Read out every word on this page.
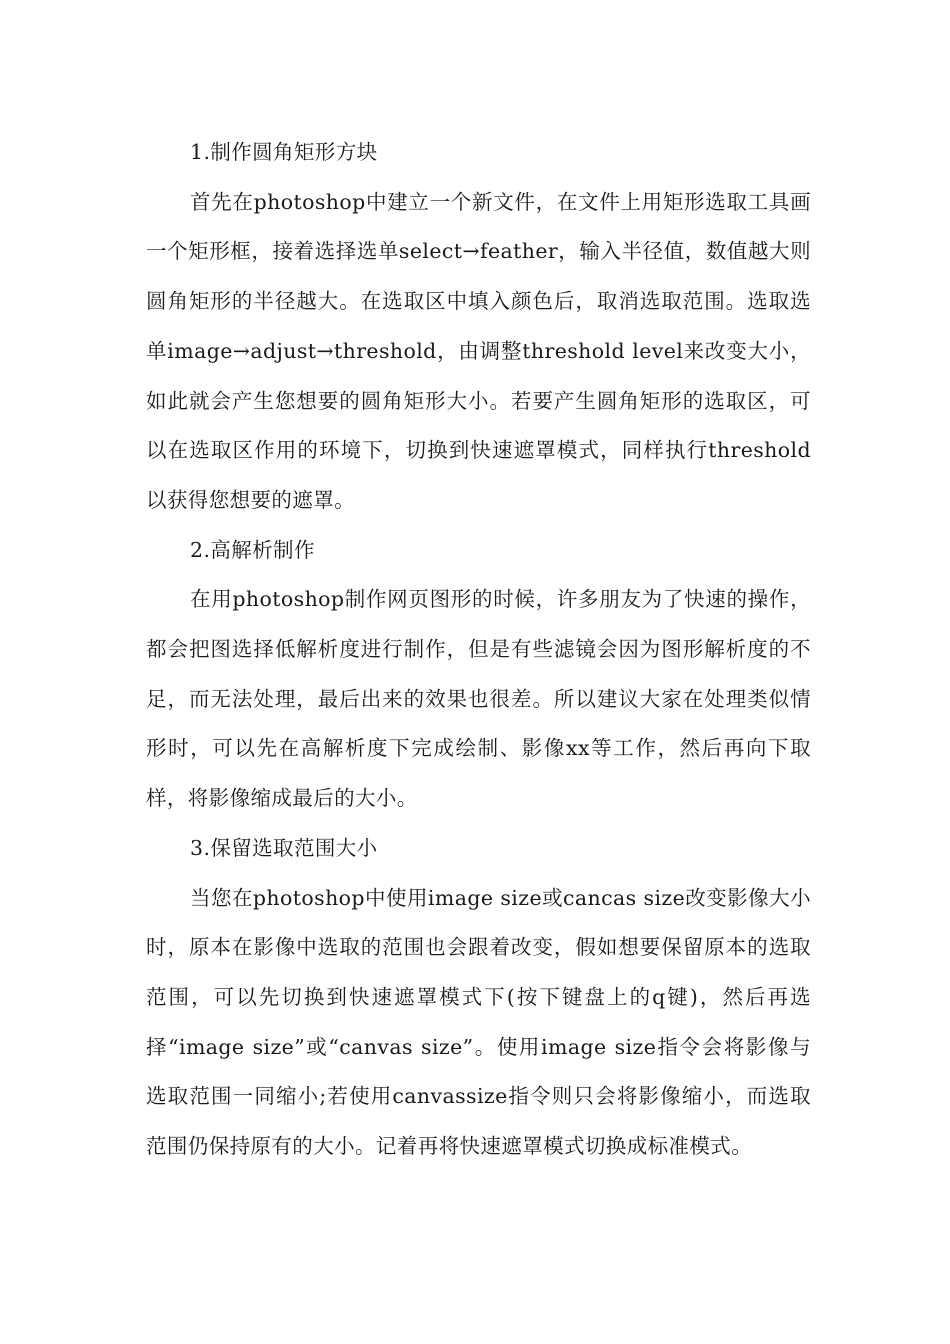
1.制作圆角矩形方块

首先在photoshop中建立一个新文件，在文件上用矩形选取工具画一个矩形框，接着选择选单select→feather，输入半径值，数值越大则圆角矩形的半径越大。在选取区中填入颜色后，取消选取范围。选取选单image→adjust→threshold，由调整threshold level来改变大小，如此就会产生您想要的圆角矩形大小。若要产生圆角矩形的选取区，可以在选取区作用的环境下，切换到快速遮罩模式，同样执行threshold以获得您想要的遮罩。

2.高解析制作

在用photoshop制作网页图形的时候，许多朋友为了快速的操作，都会把图选择低解析度进行制作，但是有些滤镜会因为图形解析度的不足，而无法处理，最后出来的效果也很差。所以建议大家在处理类似情形时，可以先在高解析度下完成绘制、影像xx等工作，然后再向下取样，将影像缩成最后的大小。

3.保留选取范围大小

当您在photoshop中使用image size或cancas size改变影像大小时，原本在影像中选取的范围也会跟着改变，假如想要保留原本的选取范围，可以先切换到快速遮罩模式下(按下键盘上的q键)，然后再选择“image size”或“canvas size”。使用image size指令会将影像与选取范围一同缩小;若使用canvassize指令则只会将影像缩小，而选取范围仍保持原有的大小。记着再将快速遮罩模式切换成标准模式。
